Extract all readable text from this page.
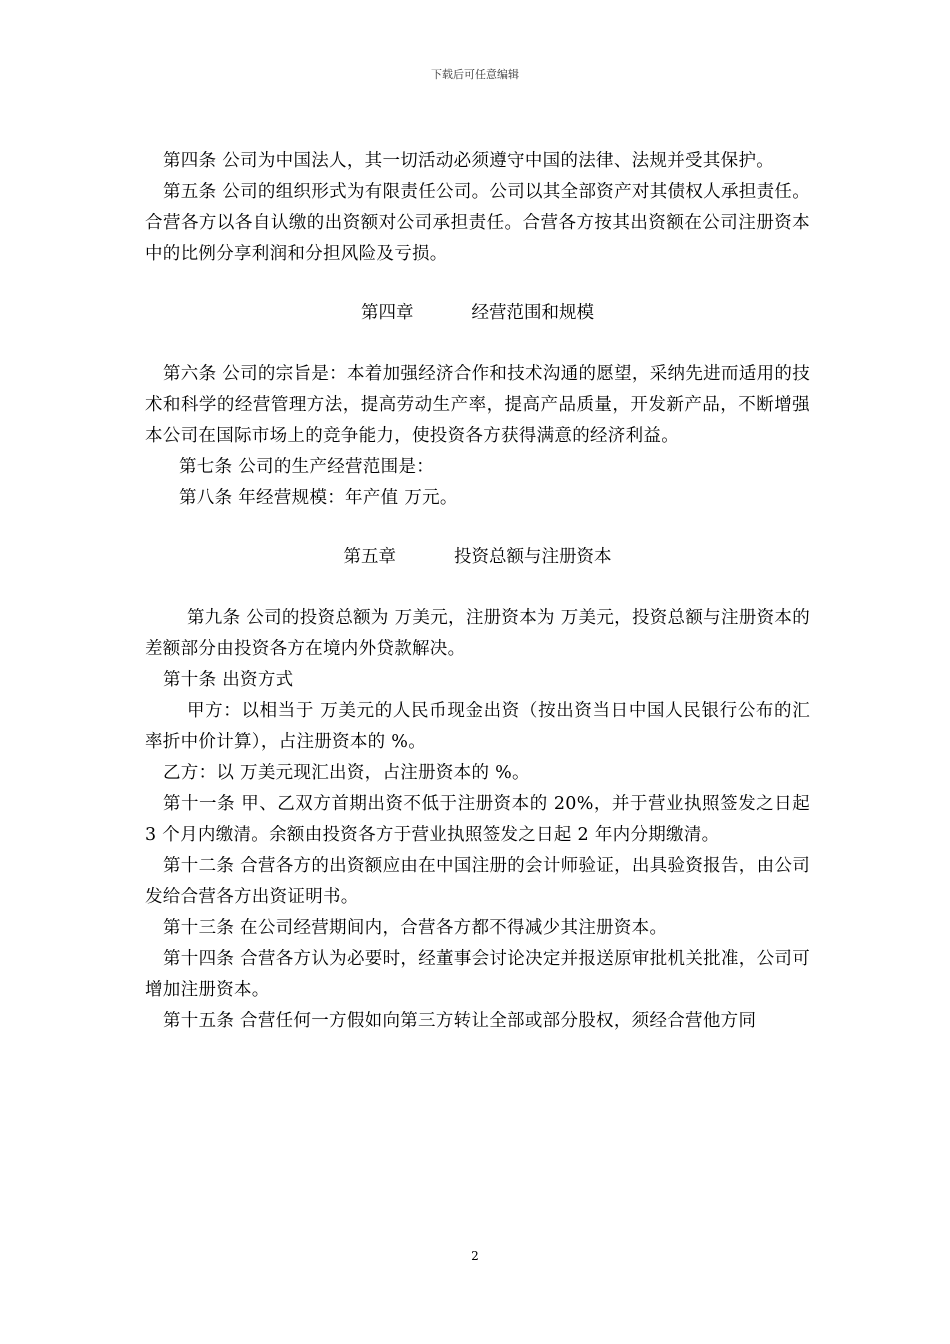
下载后可任意编辑

第四条 公司为中国法人，其一切活动必须遵守中国的法律、法规并受其保护。

第五条 公司的组织形式为有限责任公司。公司以其全部资产对其债权人承担责任。合营各方以各自认缴的出资额对公司承担责任。合营各方按其出资额在公司注册资本中的比例分享利润和分担风险及亏损。

第四章	经营范围和规模

第六条 公司的宗旨是：本着加强经济合作和技术沟通的愿望，采纳先进而适用的技术和科学的经营管理方法，提高劳动生产率，提高产品质量，开发新产品，不断增强本公司在国际市场上的竞争能力，使投资各方获得满意的经济利益。

第七条 公司的生产经营范围是：

第八条 年经营规模：年产值 万元。

第五章	投资总额与注册资本

第九条 公司的投资总额为 万美元，注册资本为 万美元，投资总额与注册资本的差额部分由投资各方在境内外贷款解决。

第十条 出资方式

甲方：以相当于 万美元的人民币现金出资（按出资当日中国人民银行公布的汇率折中价计算），占注册资本的 %。

乙方：以 万美元现汇出资，占注册资本的 %。

第十一条 甲、乙双方首期出资不低于注册资本的 20%，并于营业执照签发之日起 3 个月内缴清。余额由投资各方于营业执照签发之日起 2 年内分期缴清。

第十二条 合营各方的出资额应由在中国注册的会计师验证，出具验资报告，由公司发给合营各方出资证明书。

第十三条 在公司经营期间内，合营各方都不得减少其注册资本。

第十四条 合营各方认为必要时，经董事会讨论决定并报送原审批机关批准，公司可增加注册资本。

第十五条 合营任何一方假如向第三方转让全部或部分股权，须经合营他方同

2
